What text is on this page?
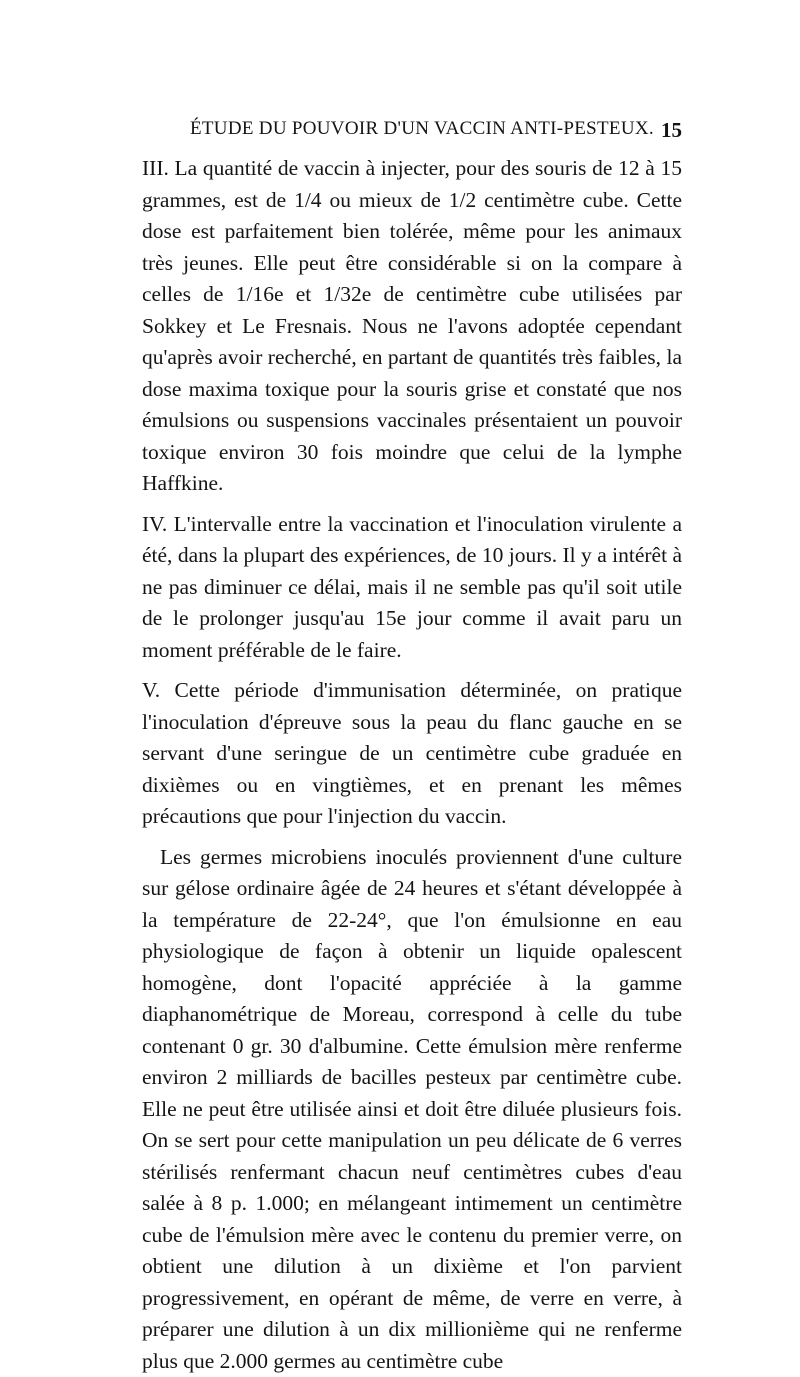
ÉTUDE DU POUVOIR D'UN VACCIN ANTI-PESTEUX. 15

III. La quantité de vaccin à injecter, pour des souris de 12 à 15 grammes, est de 1/4 ou mieux de 1/2 centimètre cube. Cette dose est parfaitement bien tolérée, même pour les animaux très jeunes. Elle peut être considérable si on la compare à celles de 1/16e et 1/32e de centimètre cube utilisées par Sokkey et Le Fresnais. Nous ne l'avons adoptée cependant qu'après avoir recherché, en partant de quantités très faibles, la dose maxima toxique pour la souris grise et constaté que nos émulsions ou suspensions vaccinales présentaient un pouvoir toxique environ 30 fois moindre que celui de la lymphe Haffkine.

IV. L'intervalle entre la vaccination et l'inoculation virulente a été, dans la plupart des expériences, de 10 jours. Il y a intérêt à ne pas diminuer ce délai, mais il ne semble pas qu'il soit utile de le prolonger jusqu'au 15e jour comme il avait paru un moment préférable de le faire.

V. Cette période d'immunisation déterminée, on pratique l'inoculation d'épreuve sous la peau du flanc gauche en se servant d'une seringue de un centimètre cube graduée en dixièmes ou en vingtièmes, et en prenant les mêmes précautions que pour l'injection du vaccin.

Les germes microbiens inoculés proviennent d'une culture sur gélose ordinaire âgée de 24 heures et s'étant développée à la température de 22-24°, que l'on émulsionne en eau physiologique de façon à obtenir un liquide opalescent homogène, dont l'opacité appréciée à la gamme diaphanométrique de Moreau, correspond à celle du tube contenant 0 gr. 30 d'albumine. Cette émulsion mère renferme environ 2 milliards de bacilles pesteux par centimètre cube. Elle ne peut être utilisée ainsi et doit être diluée plusieurs fois. On se sert pour cette manipulation un peu délicate de 6 verres stérilisés renfermant chacun neuf centimètres cubes d'eau salée à 8 p. 1.000; en mélangeant intimement un centimètre cube de l'émulsion mère avec le contenu du premier verre, on obtient une dilution à un dixième et l'on parvient progressivement, en opérant de même, de verre en verre, à préparer une dilution à un dix millionième qui ne renferme plus que 2.000 germes au centimètre cube
